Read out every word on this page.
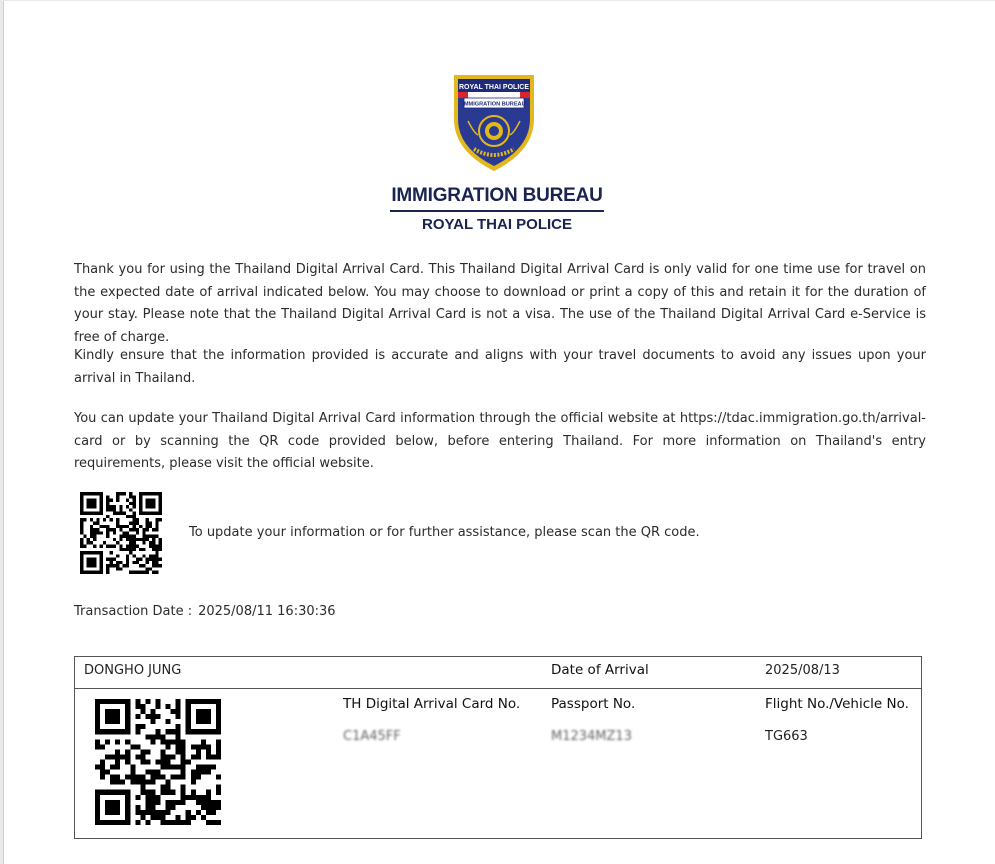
ROYAL THAI POLICE
IMMIGRATION BUREAU
IMMIGRATION BUREAU
ROYAL THAI POLICE
Thank you for using the Thailand Digital Arrival Card. This Thailand Digital Arrival Card is only valid for one time use for travel on the expected date of arrival indicated below. You may choose to download or print a copy of this and retain it for the duration of your stay. Please note that the Thailand Digital Arrival Card is not a visa. The use of the Thailand Digital Arrival Card e-Service is free of charge.
Kindly ensure that the information provided is accurate and aligns with your travel documents to avoid any issues upon your arrival in Thailand.
You can update your Thailand Digital Arrival Card information through the official website at https://tdac.immigration.go.th/arrival-card or by scanning the QR code provided below, before entering Thailand. For more information on Thailand's entry requirements, please visit the official website.
To update your information or for further assistance, please scan the QR code.
Transaction Date : 2025/08/11 16:30:36
DONGHO JUNG	Date of Arrival	2025/08/13
TH Digital Arrival Card No.
C1A45FF
Passport No.
M1234MZ13
Flight No./Vehicle No.
TG663
